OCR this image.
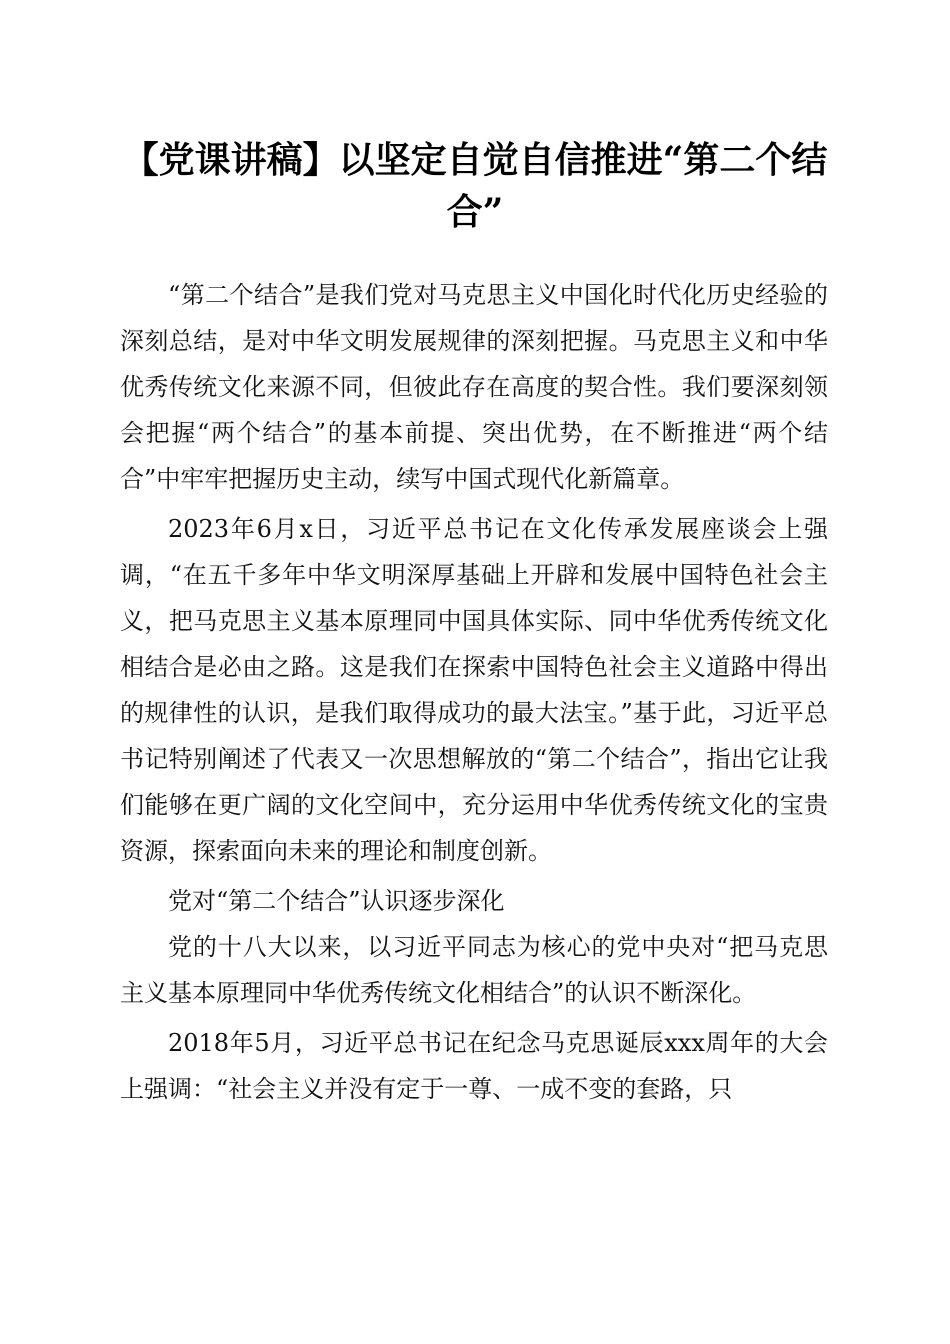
【党课讲稿】以坚定自觉自信推进“第二个结合”

“第二个结合”是我们党对马克思主义中国化时代化历史经验的深刻总结，是对中华文明发展规律的深刻把握。马克思主义和中华优秀传统文化来源不同，但彼此存在高度的契合性。我们要深刻领会把握“两个结合”的基本前提、突出优势，在不断推进“两个结合”中牢牢把握历史主动，续写中国式现代化新篇章。

2023年6月x日，习近平总书记在文化传承发展座谈会上强调，“在五千多年中华文明深厚基础上开辟和发展中国特色社会主义，把马克思主义基本原理同中国具体实际、同中华优秀传统文化相结合是必由之路。这是我们在探索中国特色社会主义道路中得出的规律性的认识，是我们取得成功的最大法宝。”基于此，习近平总书记特别阐述了代表又一次思想解放的“第二个结合”，指出它让我们能够在更广阔的文化空间中，充分运用中华优秀传统文化的宝贵资源，探索面向未来的理论和制度创新。

党对“第二个结合”认识逐步深化

党的十八大以来，以习近平同志为核心的党中央对“把马克思主义基本原理同中华优秀传统文化相结合”的认识不断深化。

2018年5月，习近平总书记在纪念马克思诞辰xxx周年的大会上强调：“社会主义并没有定于一尊、一成不变的套路，只
